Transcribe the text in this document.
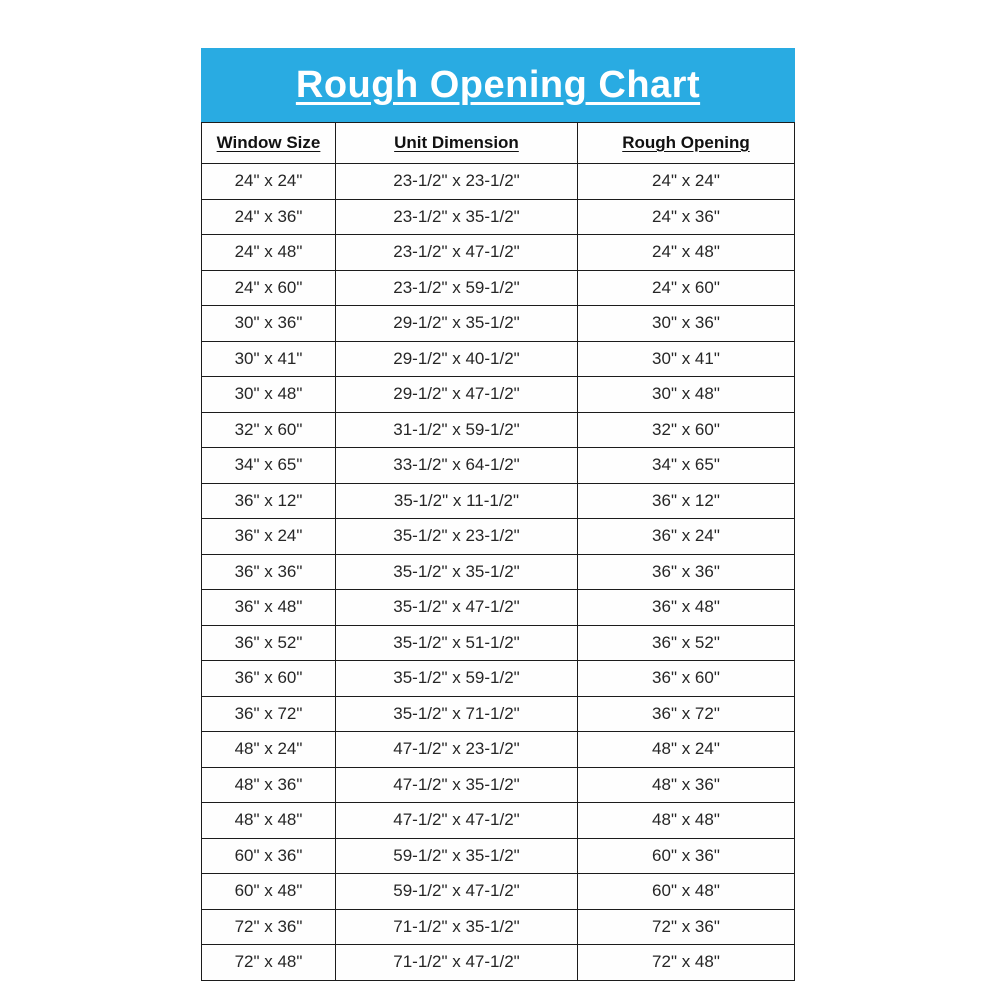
Rough Opening Chart
Window Size	Unit Dimension	Rough Opening
24" x 24"	23-1/2" x 23-1/2"	24" x 24"
24" x 36"	23-1/2" x 35-1/2"	24" x 36"
24" x 48"	23-1/2" x 47-1/2"	24" x 48"
24" x 60"	23-1/2" x 59-1/2"	24" x 60"
30" x 36"	29-1/2" x 35-1/2"	30" x 36"
30" x 41"	29-1/2" x 40-1/2"	30" x 41"
30" x 48"	29-1/2" x 47-1/2"	30" x 48"
32" x 60"	31-1/2" x 59-1/2"	32" x 60"
34" x 65"	33-1/2" x 64-1/2"	34" x 65"
36" x 12"	35-1/2" x 11-1/2"	36" x 12"
36" x 24"	35-1/2" x 23-1/2"	36" x 24"
36" x 36"	35-1/2" x 35-1/2"	36" x 36"
36" x 48"	35-1/2" x 47-1/2"	36" x 48"
36" x 52"	35-1/2" x 51-1/2"	36" x 52"
36" x 60"	35-1/2" x 59-1/2"	36" x 60"
36" x 72"	35-1/2" x 71-1/2"	36" x 72"
48" x 24"	47-1/2" x 23-1/2"	48" x 24"
48" x 36"	47-1/2" x 35-1/2"	48" x 36"
48" x 48"	47-1/2" x 47-1/2"	48" x 48"
60" x 36"	59-1/2" x 35-1/2"	60" x 36"
60" x 48"	59-1/2" x 47-1/2"	60" x 48"
72" x 36"	71-1/2" x 35-1/2"	72" x 36"
72" x 48"	71-1/2" x 47-1/2"	72" x 48"
